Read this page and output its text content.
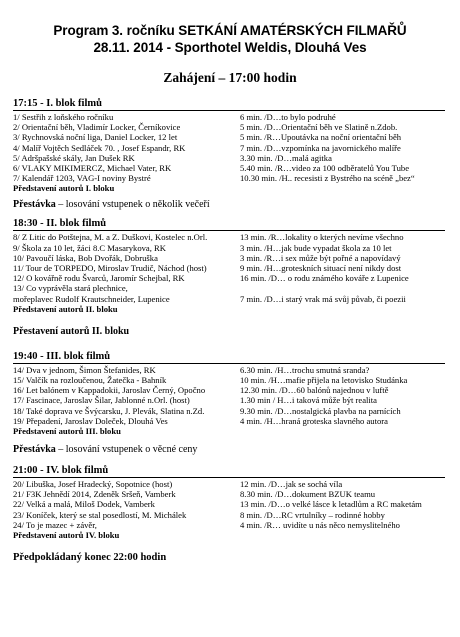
Program 3. ročníku SETKÁNÍ AMATÉRSKÝCH FILMAŘŮ
28.11. 2014 - Sporthotel Weldis, Dlouhá Ves
Zahájení – 17:00 hodin
17:15 - I. blok filmů
1/ Sestřih z loňského ročníku	6 min. /D…to bylo podruhé
2/ Orientační běh, Vladimír Locker, Černíkovice	5 min. /D…Orientační běh ve Slatině n.Zdob.
3/ Rychnovská noční liga, Daniel Locker, 12 let	5 min. /R…Upoutávka na noční orientační běh
4/ Malíř Vojtěch Sedláček 70. , Josef Espandr, RK	7 min. /D…vzpomínka na javornického malíře
5/ Adršpašské skály, Jan Dušek RK	3.30 min. /D…malá agitka
6/ VLAKY MIKIMERCZ, Michael Vater, RK	5.40 min. /R…video za 100 odběratelů You Tube
7/ Kalendář 1203, VAG-I noviny Bystré	10.30 min. /H.. recesisti z Bystrého na scéně „bez“
Představení autorů I. bloku
Přestávka – losování vstupenek o několik večeří
18:30 - II. blok filmů
8/ Z Litic do Potštejna, M. a Z. Duškovi, Kostelec n.Orl.	13 min. /R…lokality o kterých nevíme všechno
9/ Škola za 10 let, žáci 8.C Masarykova, RK	3 min. /H…jak bude vypadat škola za 10 let
10/ Pavoučí láska, Bob Dvořák, Dobruška	3 min. /R…i sex může být pořné a napovídavý
11/ Tour de TORPEDO, Miroslav Trudič, Náchod (host)	9 min. /H…groteskních situací není nikdy dost
12/ O kovářně rodu Švarců, Jaromír Schejbal, RK	16 min. /D… o rodu známého kováře z Lupenice
13/ Co vyprávěla stará plechnice,
mořeplavec Rudolf Krautschneider, Lupenice	7 min. /D…i starý vrak má svůj půvab, či poezii
Představení autorů II. bloku
Přestavení autorů II. bloku
19:40 - III. blok filmů
14/ Dva v jednom, Šimon Štefanides, RK	6.30 min. /H…trochu smutná sranda?
15/ Valčík na rozloučenou, Žatečka - Bahník	10 min. /H…mafie přijela na letovisko Studánka
16/ Let balónem v Kappadokii, Jaroslav Černý, Opočno	12.30 min. /D…60 balónů najednou v luftě
17/ Fascinace, Jaroslav Šilar, Jablonné n.Orl. (host)	1.30 min / H…i taková může být realita
18/ Také doprava ve Švýcarsku, J. Plevák, Slatina n.Zd.	9.30 min. /D…nostalgická plavba na parnících
19/ Přepadení, Jaroslav Doleček, Dlouhá Ves	4 min. /H…hraná groteska slavného autora
Představení autorů III. bloku
Přestávka – losování vstupenek o věcné ceny
21:00 - IV. blok filmů
20/ Libuška, Josef Hradecký, Sopotnice (host)	12 min. /D…jak se sochá víla
21/ F3K Jehnědí 2014, Zdeněk Sršeň, Vamberk	8.30 min. /D…dokument BZUK teamu
22/ Velká a malá, Miloš Dodek, Vamberk	13 min. /D…o velké lásce k letadlům a RC maketám
23/ Koníček, který se stal posedlostí, M. Michálek	8 min. /D…RC vrtulníky – rodinné hobby
24/ To je mazec + závěr,	4 min. /R… uvidíte u nás něco nemyslitelného
Představení autorů IV. bloku
Předpokládaný konec 22:00 hodin
